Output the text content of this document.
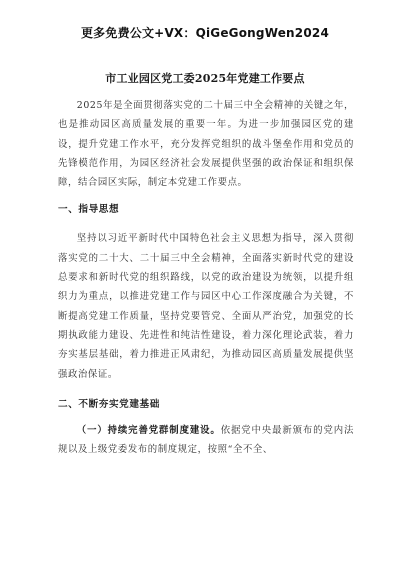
更多免费公文+VX：QiGeGongWen2024
市工业园区党工委2025年党建工作要点

2025年是全面贯彻落实党的二十届三中全会精神的关键之年，也是推动园区高质量发展的重要一年。为进一步加强园区党的建设，提升党建工作水平，充分发挥党组织的战斗堡垒作用和党员的先锋模范作用，为园区经济社会发展提供坚强的政治保证和组织保障，结合园区实际，制定本党建工作要点。

一、指导思想

坚持以习近平新时代中国特色社会主义思想为指导，深入贯彻落实党的二十大、二十届三中全会精神，全面落实新时代党的建设总要求和新时代党的组织路线，以党的政治建设为统领，以提升组织力为重点，以推进党建工作与园区中心工作深度融合为关键，不断提高党建工作质量，坚持党要管党、全面从严治党，加强党的长期执政能力建设、先进性和纯洁性建设，着力深化理论武装，着力夯实基层基础，着力推进正风肃纪，为推动园区高质量发展提供坚强政治保证。

二、不断夯实党建基础

（一）持续完善党群制度建设。依据党中央最新颁布的党内法规以及上级党委发布的制度规定，按照“全不全、
